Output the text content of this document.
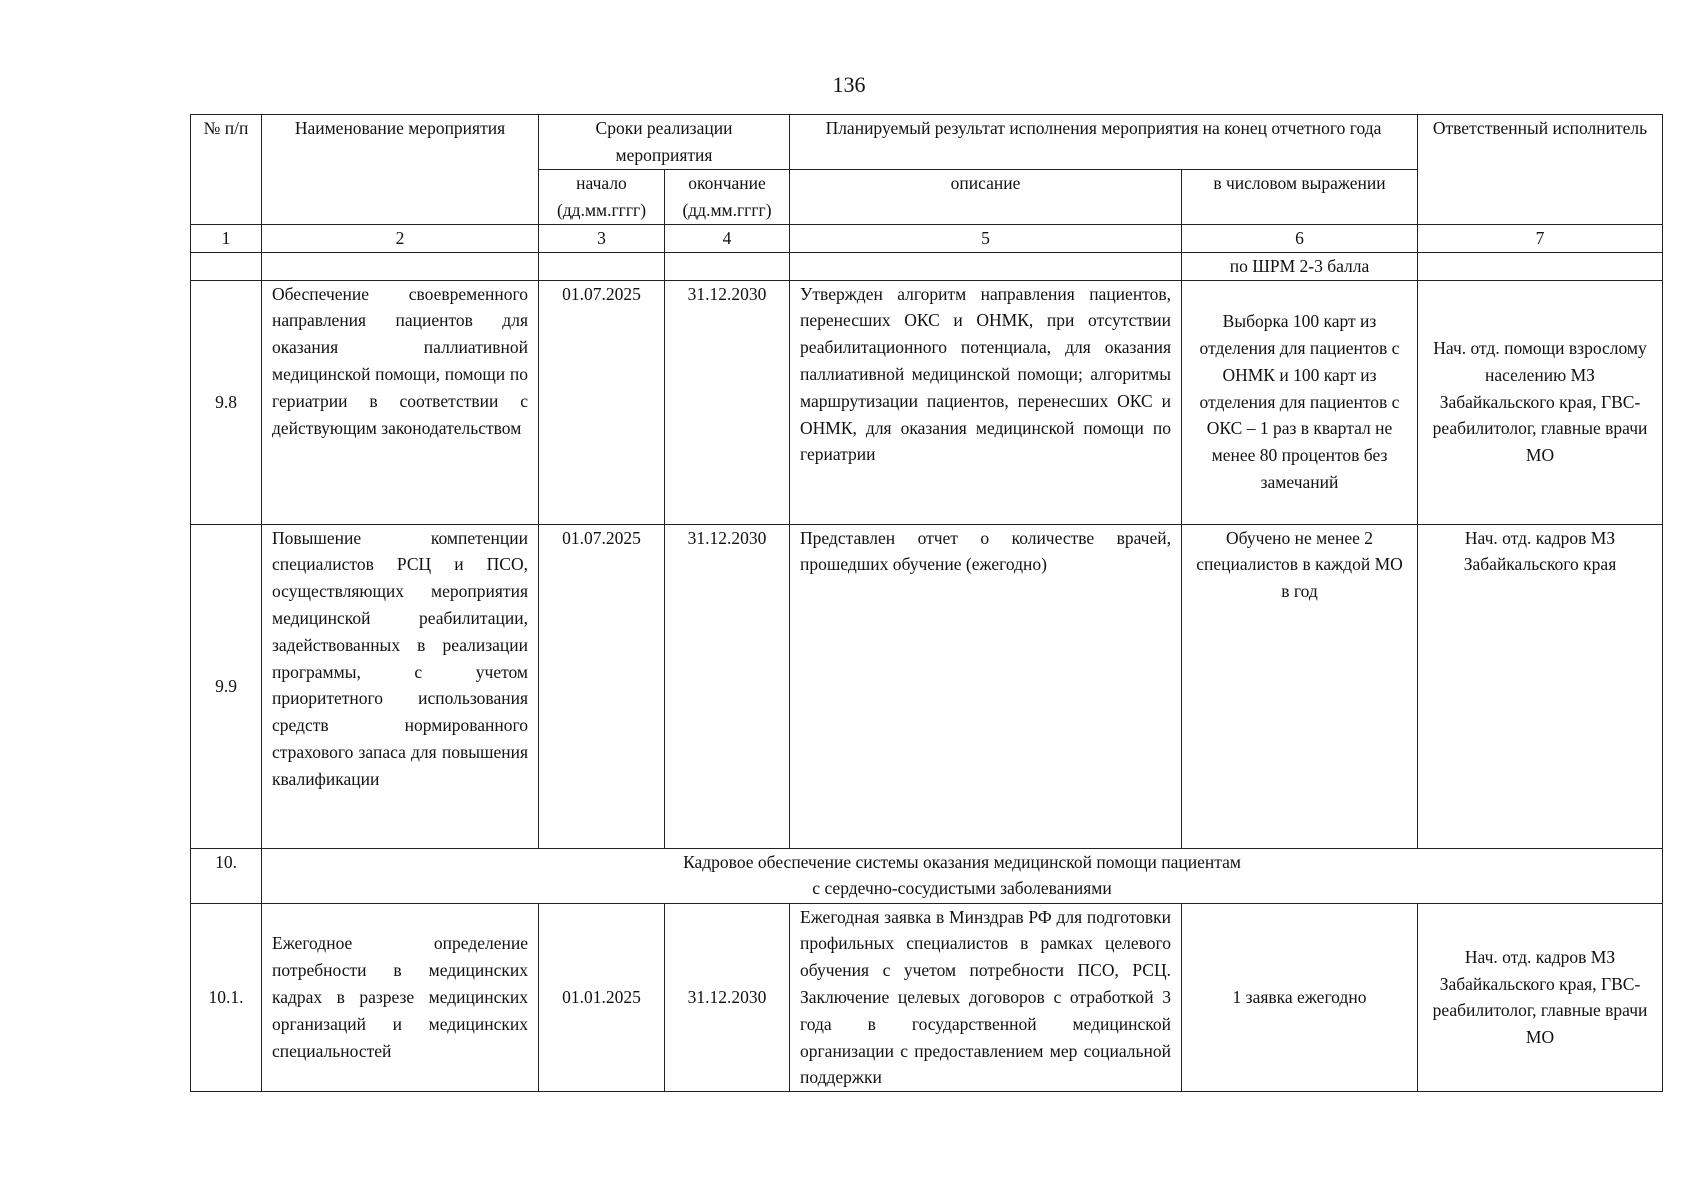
136
№ п/п	Наименование мероприятия	Сроки реализации мероприятия		Планируемый результат исполнения мероприятия на конец отчетного года		Ответственный исполнитель
		начало (дд.мм.гггг)	окончание (дд.мм.гггг)	описание	в числовом выражении	
1	2	3	4	5	6	7
					по ШРМ 2-3 балла	
9.8	Обеспечение своевременного направления пациентов для оказания паллиативной медицинской помощи, помощи по гериатрии в соответствии с действующим законодательством	01.07.2025	31.12.2030	Утвержден алгоритм направления пациентов, перенесших ОКС и ОНМК, при отсутствии реабилитационного потенциала, для оказания паллиативной медицинской помощи; алгоритмы маршрутизации пациентов, перенесших ОКС и ОНМК, для оказания медицинской помощи по гериатрии	Выборка 100 карт из отделения для пациентов с ОНМК и 100 карт из отделения для пациентов с ОКС – 1 раз в квартал не менее 80 процентов без замечаний	Нач. отд. помощи взрослому населению МЗ Забайкальского края, ГВС-реабилитолог, главные врачи МО
9.9	Повышение компетенции специалистов РСЦ и ПСО, осуществляющих мероприятия медицинской реабилитации, задействованных в реализации программы, с учетом приоритетного использования средств нормированного страхового запаса для повышения квалификации	01.07.2025	31.12.2030	Представлен отчет о количестве врачей, прошедших обучение (ежегодно)	Обучено не менее 2 специалистов в каждой МО в год	Нач. отд. кадров МЗ Забайкальского края
10.	Кадровое обеспечение системы оказания медицинской помощи пациентам
с сердечно-сосудистыми заболеваниями					

10.1.	Ежегодное определение потребности в медицинских кадрах в разрезе медицинских организаций и медицинских специальностей	01.01.2025	31.12.2030	Ежегодная заявка в Минздрав РФ для подготовки профильных специалистов в рамках целевого обучения с учетом потребности ПСО, РСЦ. Заключение целевых договоров с отработкой 3 года в государственной медицинской организации с предоставлением мер социальной поддержки	1 заявка ежегодно	Нач. отд. кадров МЗ Забайкальского края, ГВС-реабилитолог, главные врачи МО
